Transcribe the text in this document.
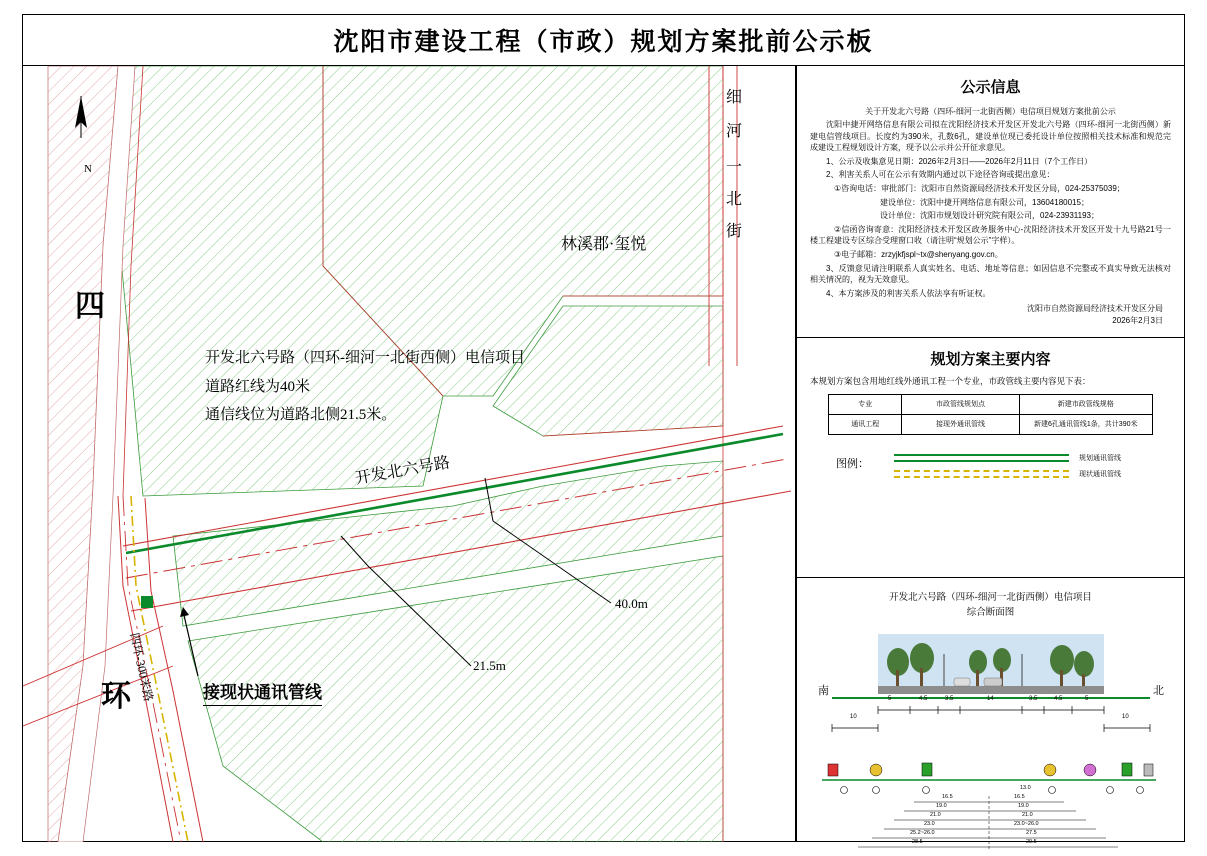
沈阳市建设工程（市政）规划方案批前公示板
N
四
环
细
河
一
北
街
林溪郡·玺悦
开发北六号路（四环-细河一北街西侧）电信项目
道路红线为40米
通信线位为道路北侧21.5米。
开发北六号路
四环-300米路
40.0m
21.5m
接现状通讯管线
公示信息
关于开发北六号路（四环-细河一北街西侧）电信项目规划方案批前公示

沈阳中捷开网络信息有限公司拟在沈阳经济技术开发区开发北六号路（四环-细河一北街西侧）新建电信管线项目。长度约为390米，孔数6孔，建设单位现已委托设计单位按照相关技术标准和规范完成建设工程规划设计方案，现予以公示并公开征求意见。

1、公示及收集意见日期：2026年2月3日——2026年2月11日（7个工作日）

2、利害关系人可在公示有效期内通过以下途径咨询或提出意见：

①咨询电话：审批部门：沈阳市自然资源局经济技术开发区分局，024-25375039；

建设单位：沈阳中捷开网络信息有限公司，13604180015；

设计单位：沈阳市规划设计研究院有限公司，024-23931193；

②信函咨询寄意：沈阳经济技术开发区政务服务中心-沈阳经济技术开发区开发十九号路21号一楼工程建设专区综合受理窗口收（请注明“规划公示”字样）。

③电子邮箱：zrzyjkfjspl~tx@shenyang.gov.cn。

3、反馈意见请注明联系人真实姓名、电话、地址等信息；如因信息不完整或不真实导致无法核对相关情况的，视为无效意见。

4、本方案涉及的利害关系人依法享有听证权。

沈阳市自然资源局经济技术开发区分局
2026年2月3日
规划方案主要内容
本规划方案包含用地红线外通讯工程一个专业，市政管线主要内容见下表：
专业	市政管线规划点	新建市政管线规格
通讯工程	接现外通讯管线	新建6孔通讯管线1条，共计390米
图例：	规划通讯管线
现状通讯管线
开发北六号路（四环-细河一北街西侧）电信项目
综合断面图
南	北
5	4.5	3.5	14	3.5	4.5	5
10	10
16.5
19.0
21.0
23.0
25.2~26.0
28.5
13.0
16.5
19.0
21.0
23.0~26.0
27.5
29.5
